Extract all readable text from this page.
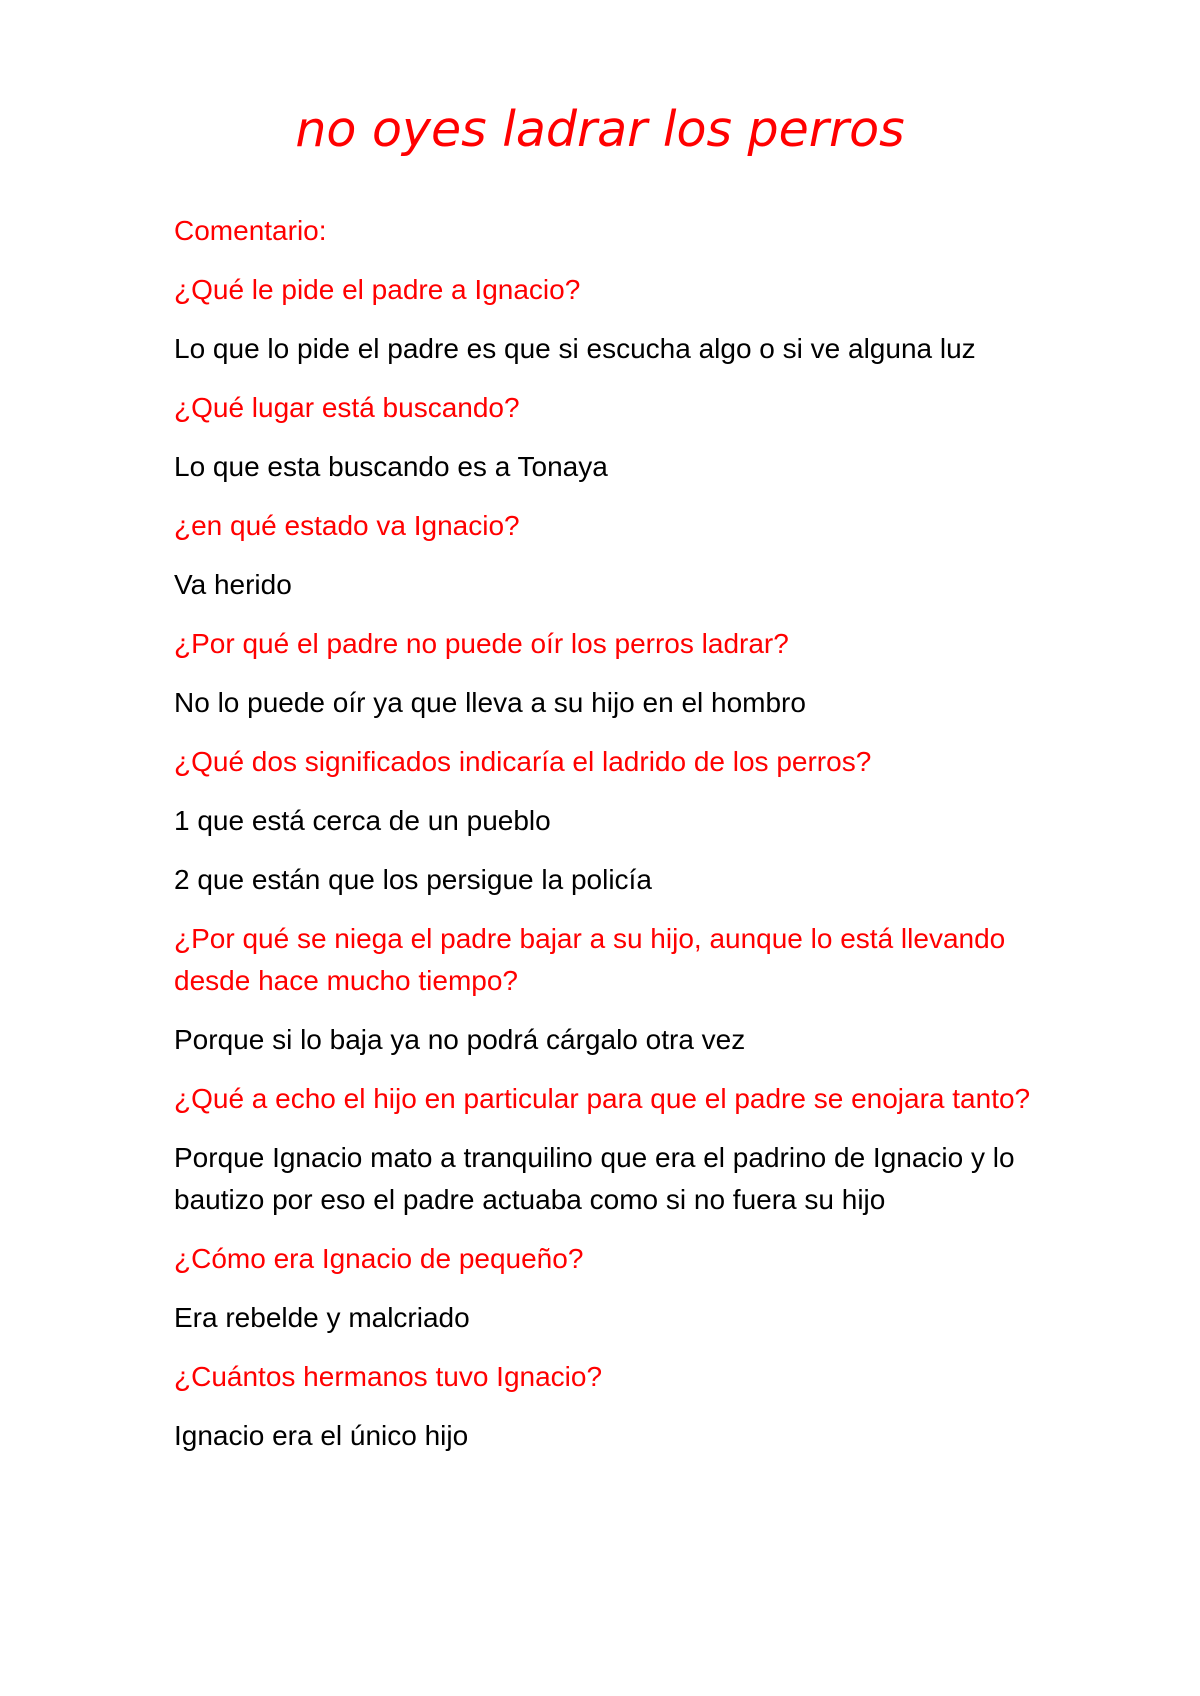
no oyes ladrar los perros

Comentario:

¿Qué le pide el padre a Ignacio?

Lo que lo pide el padre es que si escucha algo o si ve alguna luz

¿Qué lugar está buscando?

Lo que esta buscando es a Tonaya

¿en qué estado va Ignacio?

Va herido

¿Por qué el padre no puede oír los perros ladrar?

No lo puede oír ya que lleva a su hijo en el hombro

¿Qué dos significados indicaría el ladrido de los perros?

1 que está cerca de un pueblo

2 que están que los persigue la policía

¿Por qué se niega el padre bajar a su hijo, aunque lo está llevando desde hace mucho tiempo?

Porque si lo baja ya no podrá cárgalo otra vez

¿Qué a echo el hijo en particular para que el padre se enojara tanto?

Porque Ignacio mato a tranquilino que era el padrino de Ignacio y lo bautizo por eso el padre actuaba como si no fuera su hijo

¿Cómo era Ignacio de pequeño?

Era rebelde y malcriado

¿Cuántos hermanos tuvo Ignacio?

Ignacio era el único hijo
